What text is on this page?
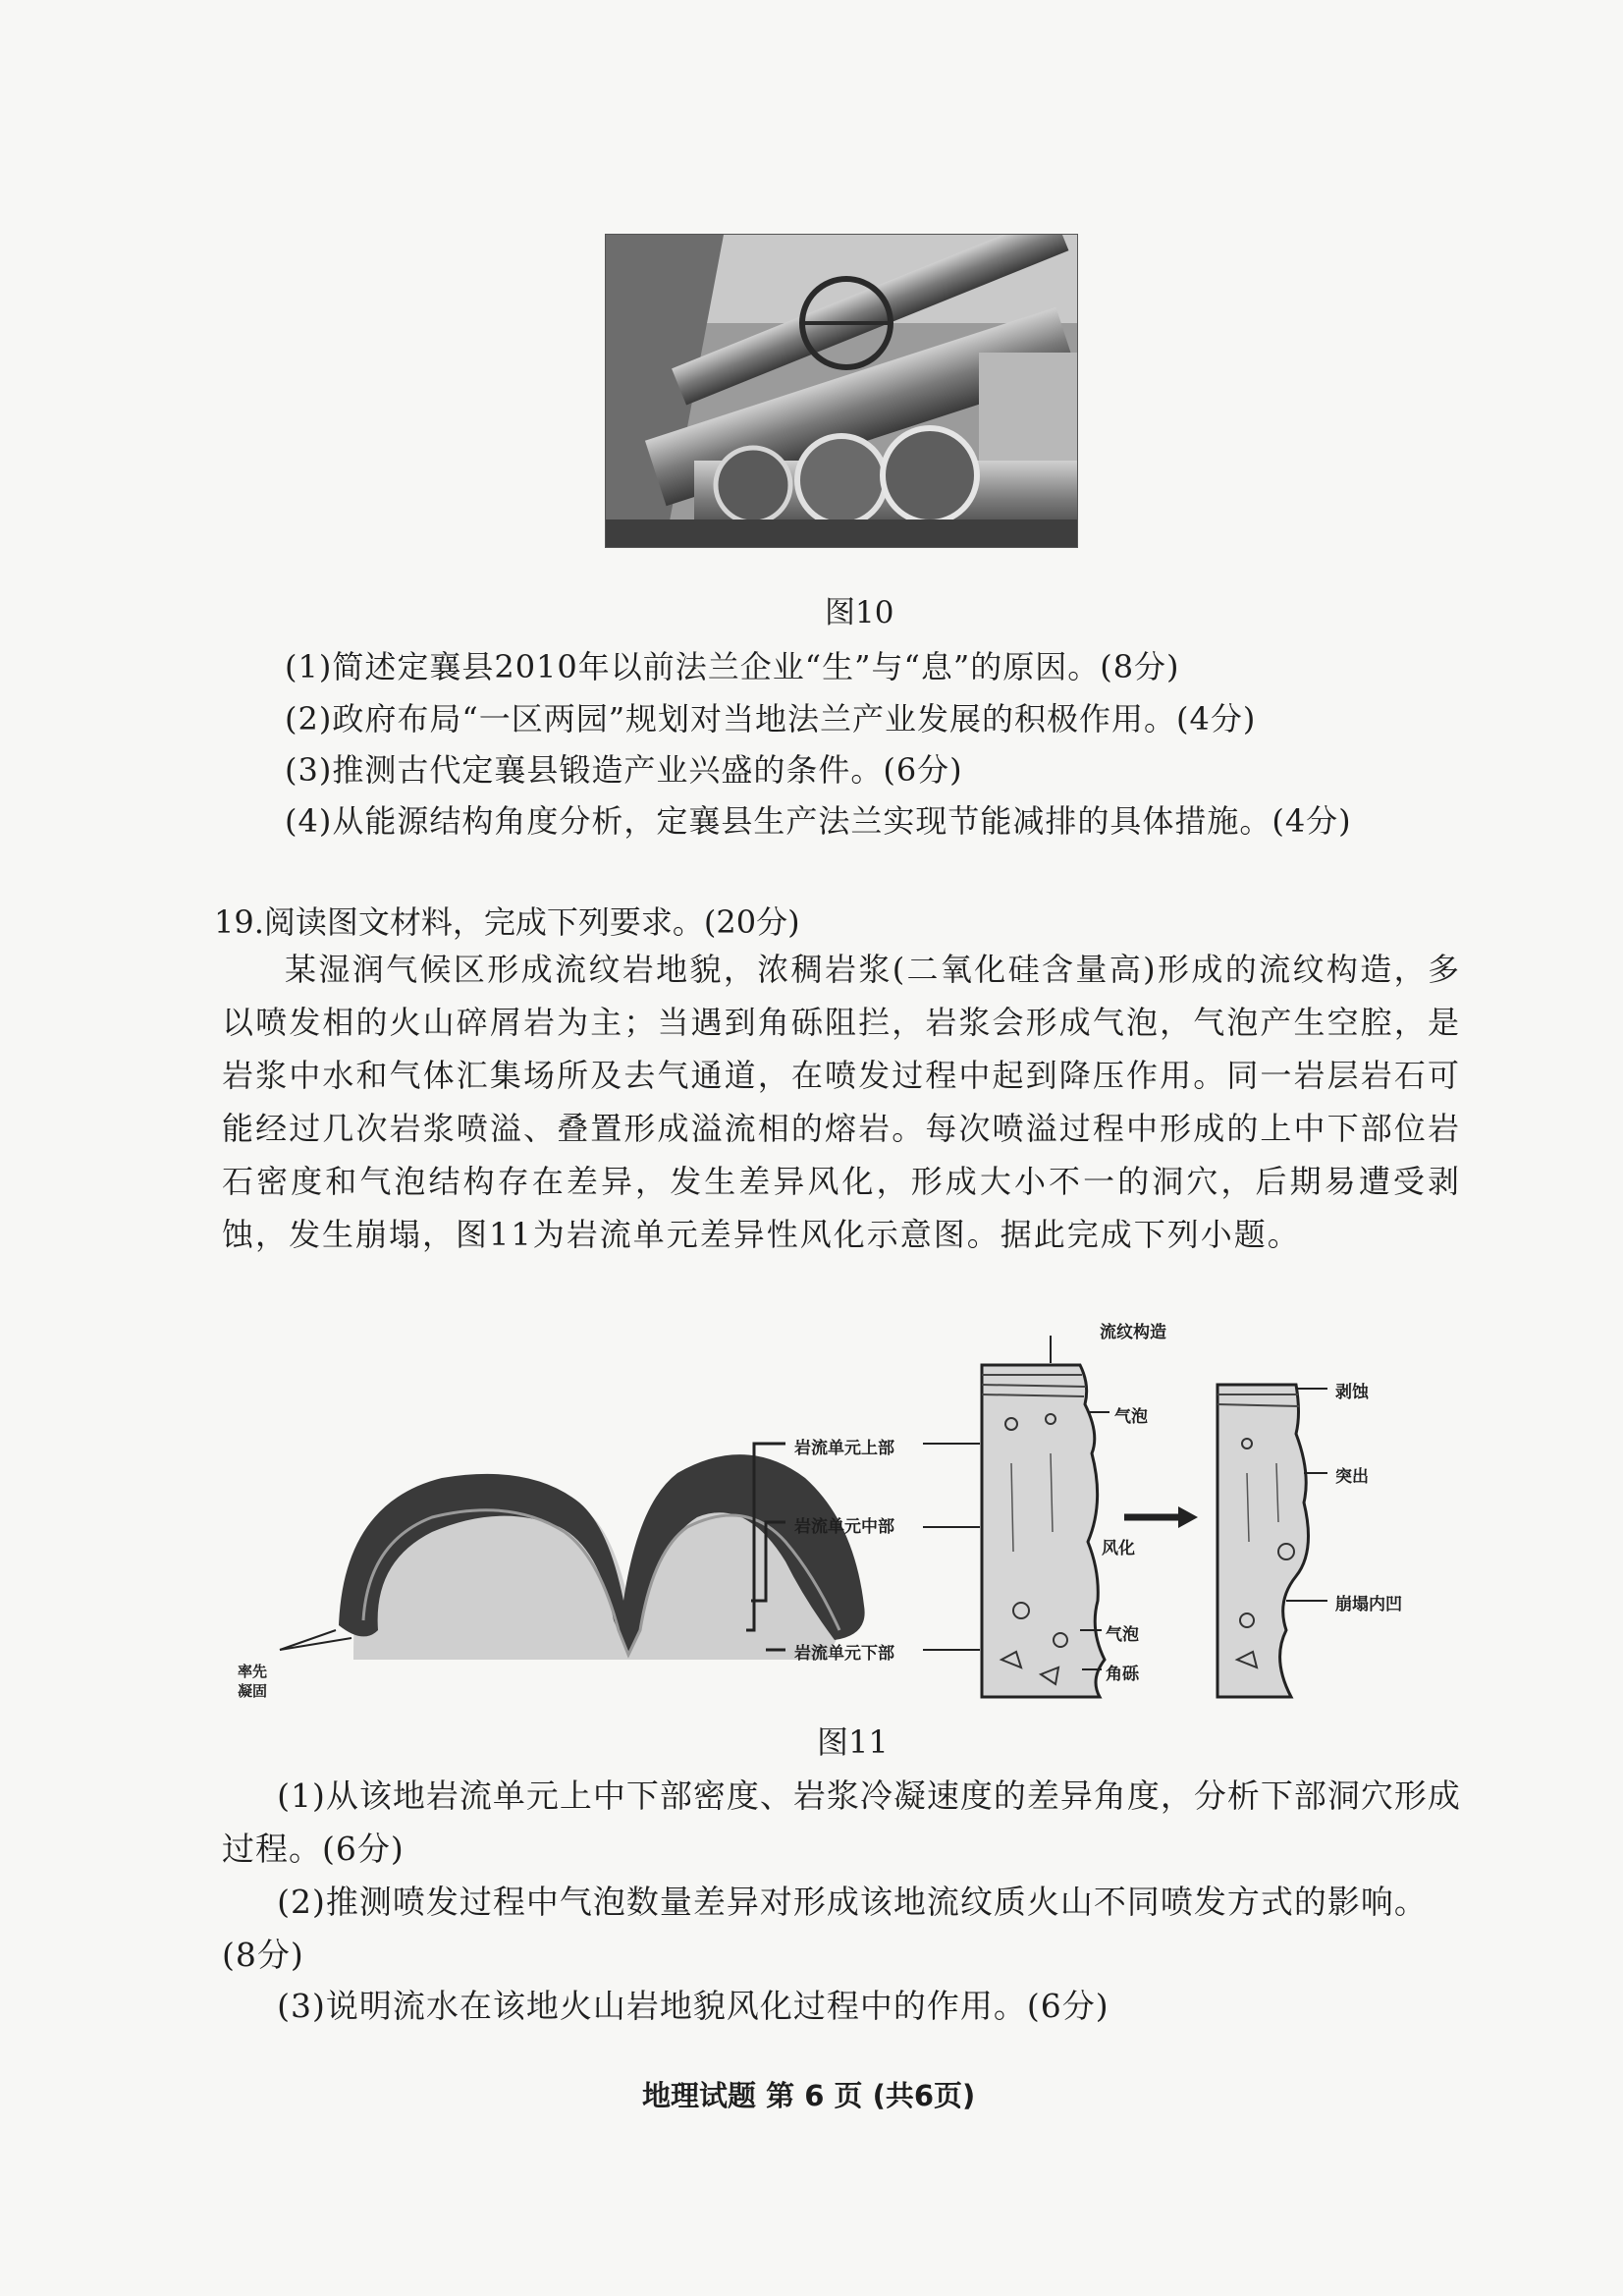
图10
(1)简述定襄县2010年以前法兰企业“生”与“息”的原因。(8分)
(2)政府布局“一区两园”规划对当地法兰产业发展的积极作用。(4分)
(3)推测古代定襄县锻造产业兴盛的条件。(6分)
(4)从能源结构角度分析，定襄县生产法兰实现节能减排的具体措施。(4分)
19.阅读图文材料，完成下列要求。(20分)
某湿润气候区形成流纹岩地貌，浓稠岩浆(二氧化硅含量高)形成的流纹构造，多以喷发相的火山碎屑岩为主；当遇到角砾阻拦，岩浆会形成气泡，气泡产生空腔，是岩浆中水和气体汇集场所及去气通道，在喷发过程中起到降压作用。同一岩层岩石可能经过几次岩浆喷溢、叠置形成溢流相的熔岩。每次喷溢过程中形成的上中下部位岩石密度和气泡结构存在差异，发生差异风化，形成大小不一的洞穴，后期易遭受剥蚀，发生崩塌，图11为岩流单元差异性风化示意图。据此完成下列小题。
流纹构造
岩流单元上部
气泡
剥蚀
岩流单元中部
突出
风化
崩塌内凹
气泡
岩流单元下部
角砾
率先凝固
图11
(1)从该地岩流单元上中下部密度、岩浆冷凝速度的差异角度，分析下部洞穴形成过程。(6分)
(2)推测喷发过程中气泡数量差异对形成该地流纹质火山不同喷发方式的影响。(8分)
(3)说明流水在该地火山岩地貌风化过程中的作用。(6分)
地理试题 第 6 页 (共6页)
